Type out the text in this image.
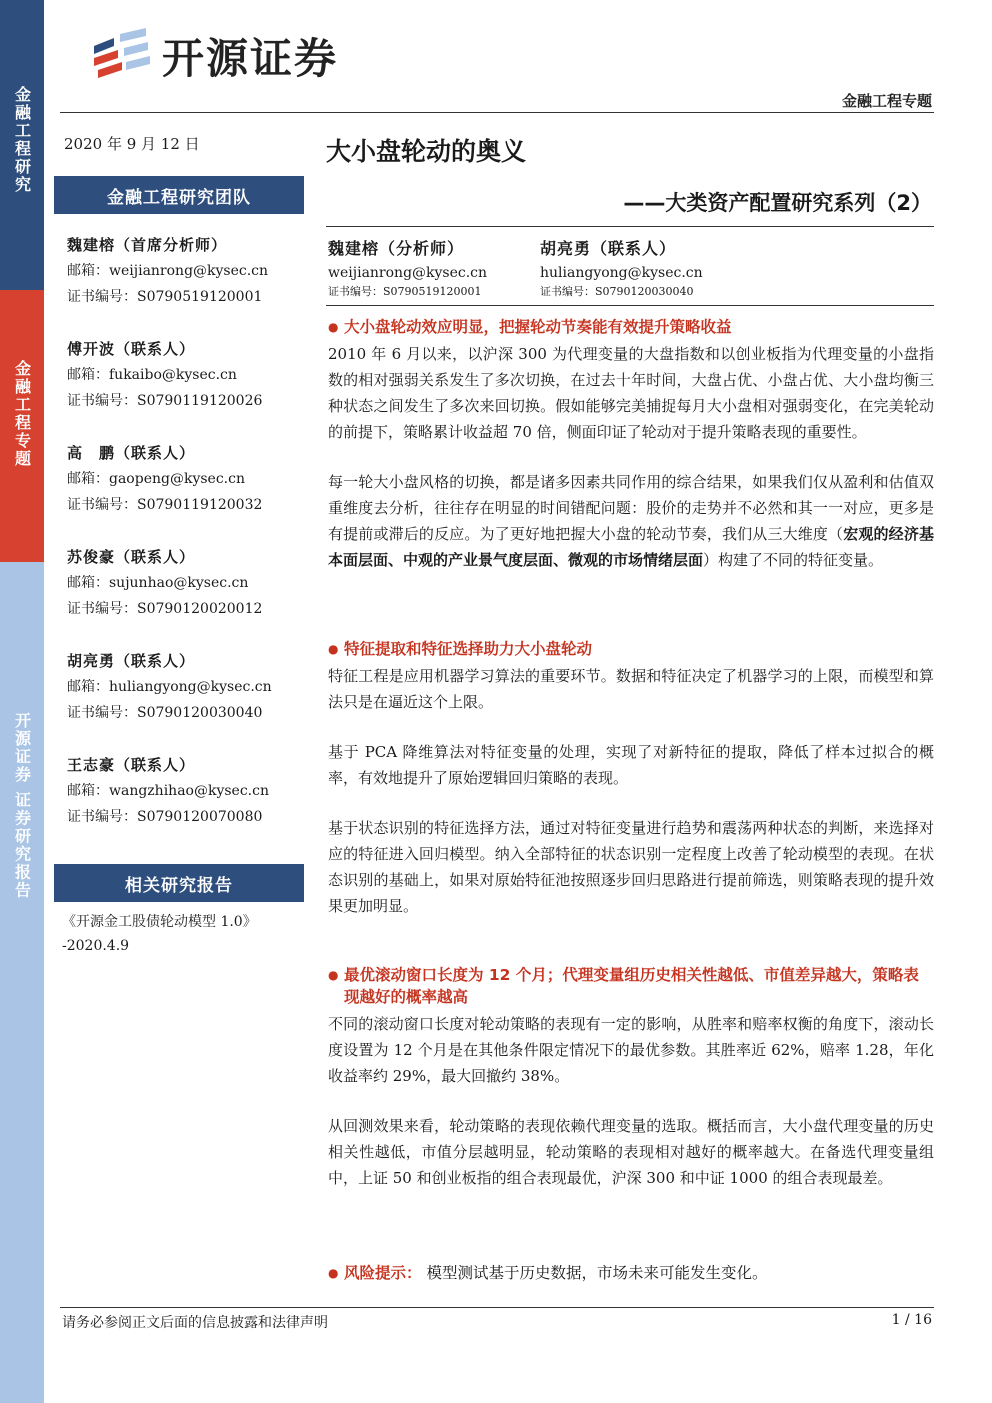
金融工程研究
金融工程专题
开源证券 证券研究报告
开源证券
金融工程专题
2020 年 9 月 12 日	大小盘轮动的奥义
——大类资产配置研究系列（2）
金融工程研究团队
魏建榕（首席分析师）
邮箱：weijianrong@kysec.cn
证书编号：S0790519120001
傅开波（联系人）
邮箱：fukaibo@kysec.cn
证书编号：S0790119120026
高　鹏（联系人）
邮箱：gaopeng@kysec.cn
证书编号：S0790119120032
苏俊豪（联系人）
邮箱：sujunhao@kysec.cn
证书编号：S0790120020012
胡亮勇（联系人）
邮箱：huliangyong@kysec.cn
证书编号：S0790120030040
王志豪（联系人）
邮箱：wangzhihao@kysec.cn
证书编号：S0790120070080
相关研究报告
《开源金工股债轮动模型 1.0》
-2020.4.9
魏建榕（分析师）
weijianrong@kysec.cn
证书编号：S0790519120001
胡亮勇（联系人）
huliangyong@kysec.cn
证书编号：S0790120030040
● 大小盘轮动效应明显，把握轮动节奏能有效提升策略收益

2010 年 6 月以来，以沪深 300 为代理变量的大盘指数和以创业板指为代理变量的小盘指数的相对强弱关系发生了多次切换，在过去十年时间，大盘占优、小盘占优、大小盘均衡三种状态之间发生了多次来回切换。假如能够完美捕捉每月大小盘相对强弱变化，在完美轮动的前提下，策略累计收益超 70 倍，侧面印证了轮动对于提升策略表现的重要性。

每一轮大小盘风格的切换，都是诸多因素共同作用的综合结果，如果我们仅从盈利和估值双重维度去分析，往往存在明显的时间错配问题：股价的走势并不必然和其一一对应，更多是有提前或滞后的反应。为了更好地把握大小盘的轮动节奏，我们从三大维度（宏观的经济基本面层面、中观的产业景气度层面、微观的市场情绪层面）构建了不同的特征变量。

● 特征提取和特征选择助力大小盘轮动

特征工程是应用机器学习算法的重要环节。数据和特征决定了机器学习的上限，而模型和算法只是在逼近这个上限。

基于 PCA 降维算法对特征变量的处理，实现了对新特征的提取，降低了样本过拟合的概率，有效地提升了原始逻辑回归策略的表现。

基于状态识别的特征选择方法，通过对特征变量进行趋势和震荡两种状态的判断，来选择对应的特征进入回归模型。纳入全部特征的状态识别一定程度上改善了轮动模型的表现。在状态识别的基础上，如果对原始特征池按照逐步回归思路进行提前筛选，则策略表现的提升效果更加明显。

● 最优滚动窗口长度为 12 个月；代理变量组历史相关性越低、市值差异越大，策略表现越好的概率越高

不同的滚动窗口长度对轮动策略的表现有一定的影响，从胜率和赔率权衡的角度下，滚动长度设置为 12 个月是在其他条件限定情况下的最优参数。其胜率近 62%，赔率 1.28，年化收益率约 29%，最大回撤约 38%。

从回测效果来看，轮动策略的表现依赖代理变量的选取。概括而言，大小盘代理变量的历史相关性越低，市值分层越明显，轮动策略的表现相对越好的概率越大。在备选代理变量组中，上证 50 和创业板指的组合表现最优，沪深 300 和中证 1000 的组合表现最差。

● 风险提示： 模型测试基于历史数据，市场未来可能发生变化。
请务必参阅正文后面的信息披露和法律声明	1 / 16
